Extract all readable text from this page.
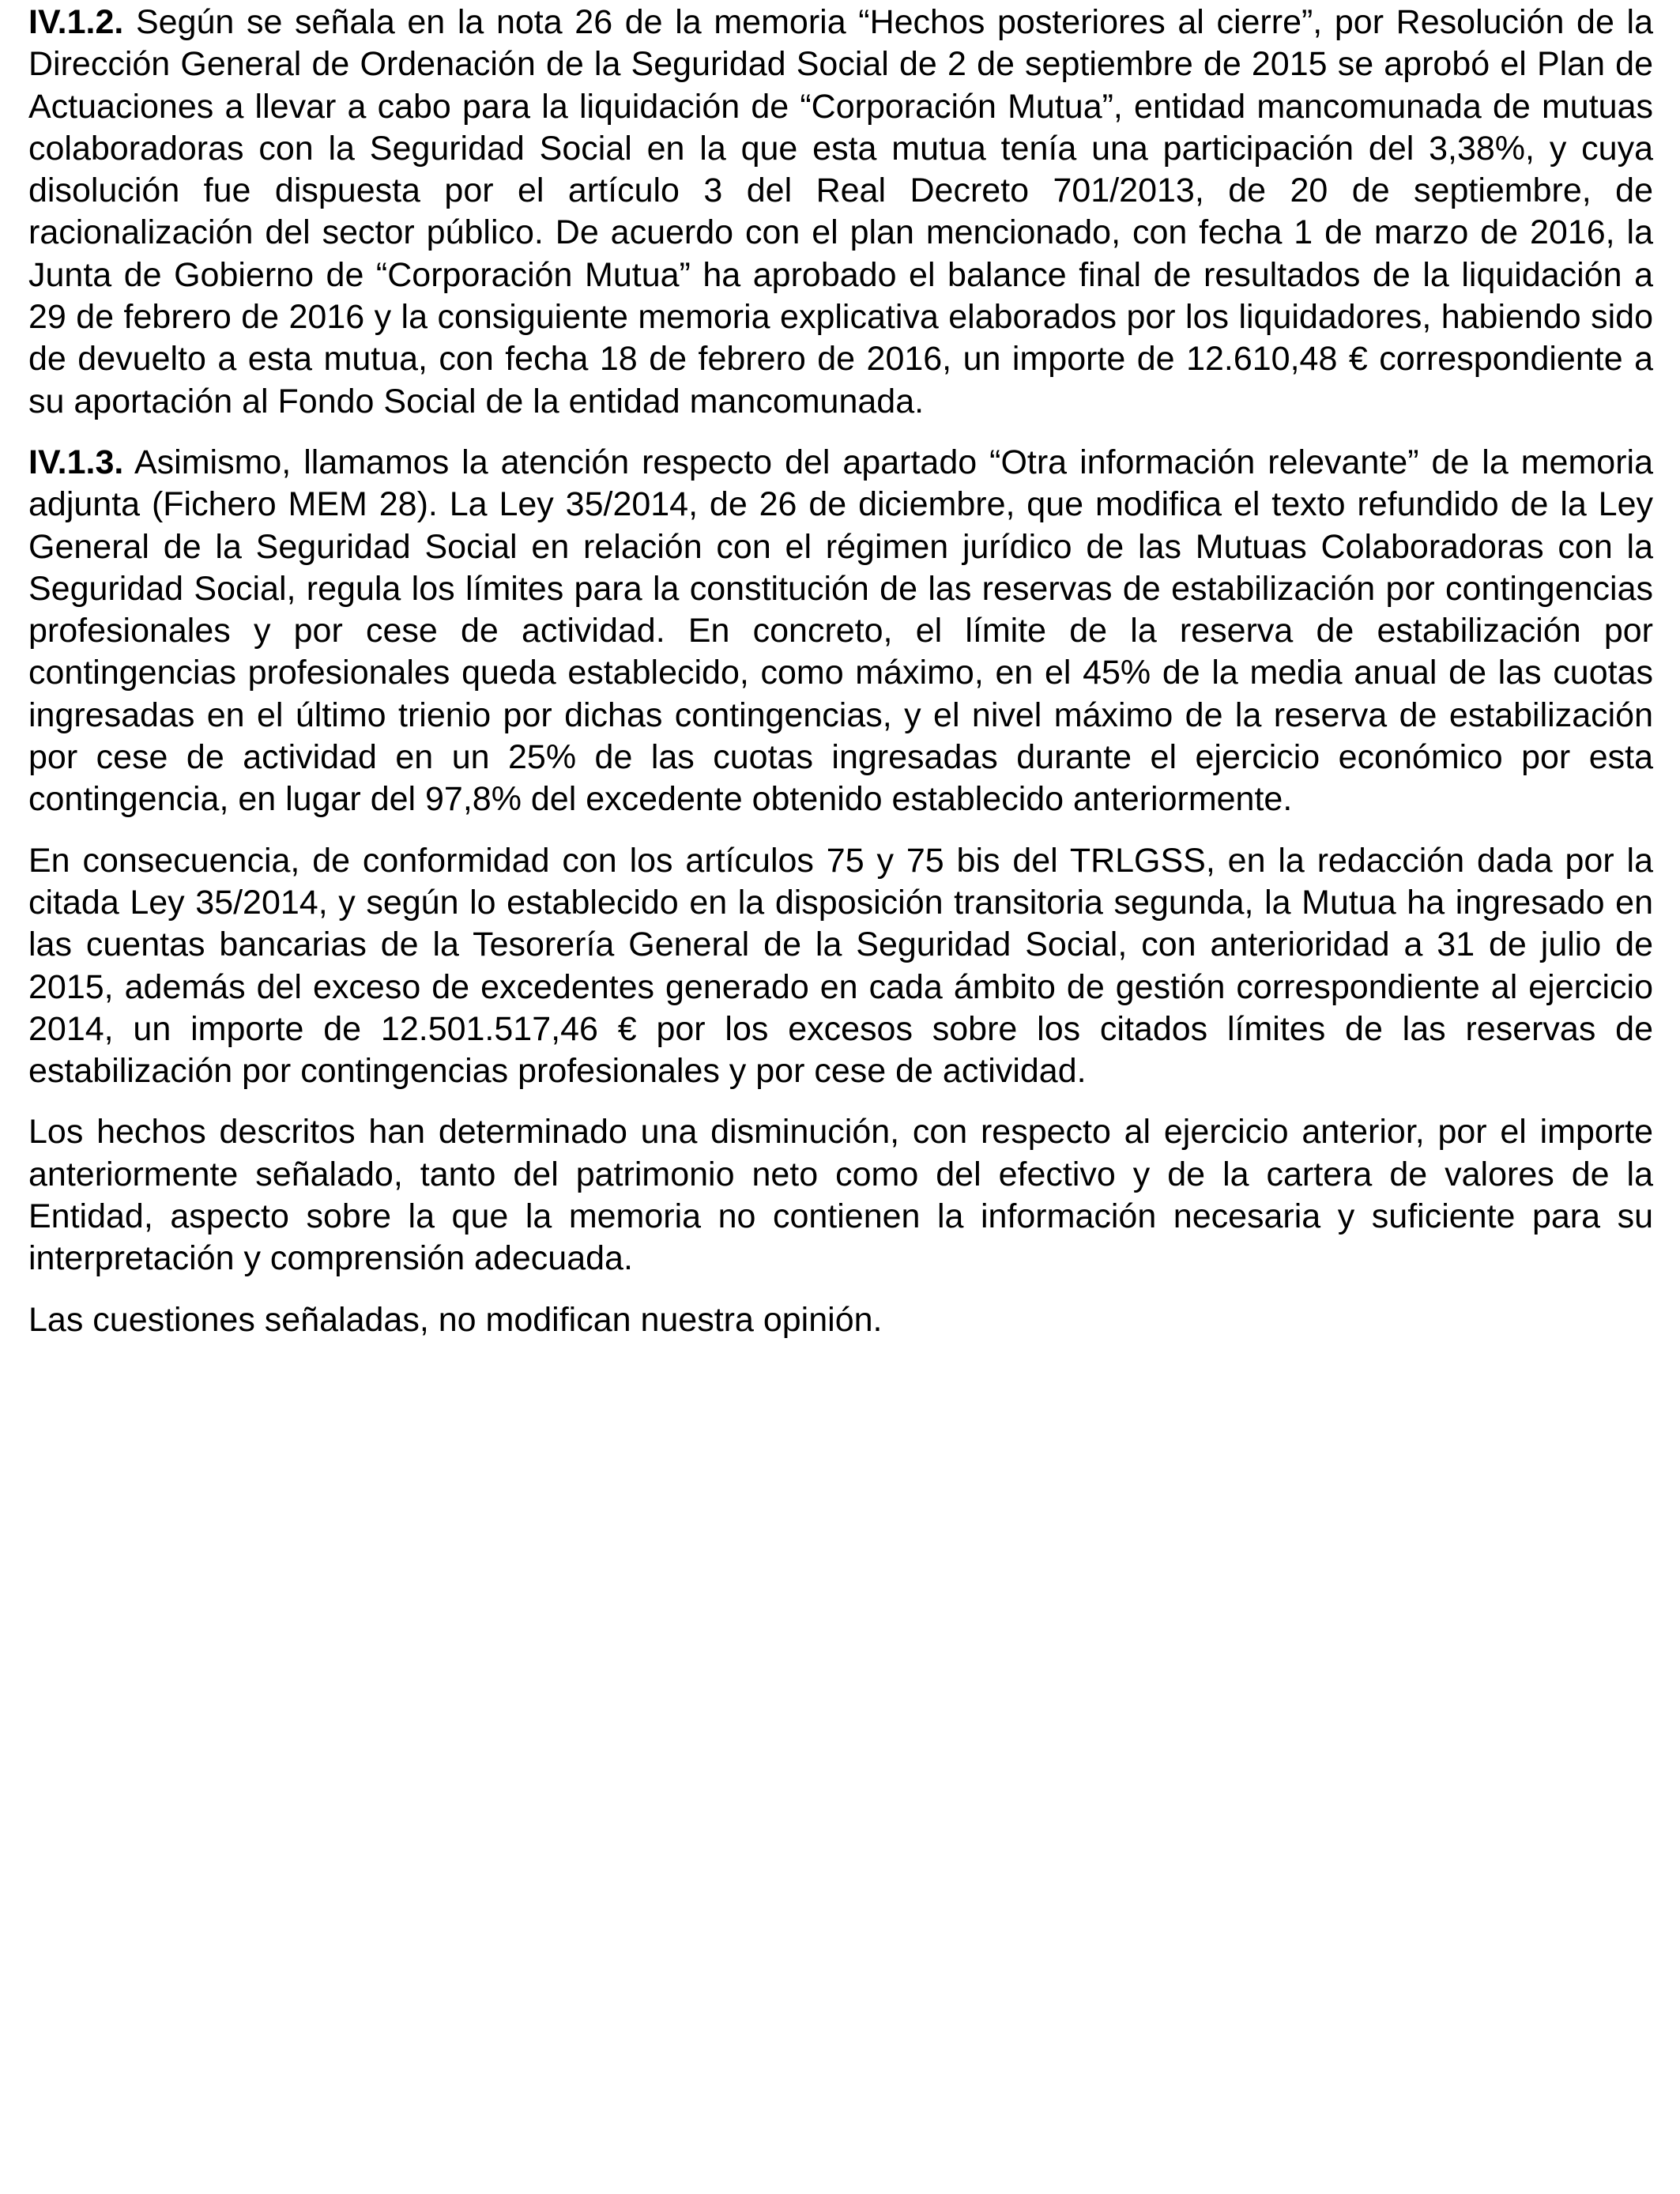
IV.1.2. Según se señala en la nota 26 de la memoria “Hechos posteriores al cierre”, por Resolución de la Dirección General de Ordenación de la Seguridad Social de 2 de septiembre de 2015 se aprobó el Plan de Actuaciones a llevar a cabo para la liquidación de “Corporación Mutua”, entidad mancomunada de mutuas colaboradoras con la Seguridad Social en la que esta mutua tenía una participación del 3,38%, y cuya disolución fue dispuesta por el artículo 3 del Real Decreto 701/2013, de 20 de septiembre, de racionalización del sector público. De acuerdo con el plan mencionado, con fecha 1 de marzo de 2016, la Junta de Gobierno de “Corporación Mutua” ha aprobado el balance final de resultados de la liquidación a 29 de febrero de 2016 y la consiguiente memoria explicativa elaborados por los liquidadores, habiendo sido de devuelto a esta mutua, con fecha 18 de febrero de 2016, un importe de 12.610,48 € correspondiente a su aportación al Fondo Social de la entidad mancomunada.

IV.1.3. Asimismo, llamamos la atención respecto del apartado “Otra información relevante” de la memoria adjunta (Fichero MEM 28). La Ley 35/2014, de 26 de diciembre, que modifica el texto refundido de la Ley General de la Seguridad Social en relación con el régimen jurídico de las Mutuas Colaboradoras con la Seguridad Social, regula los límites para la constitución de las reservas de estabilización por contingencias profesionales y por cese de actividad. En concreto, el límite de la reserva de estabilización por contingencias profesionales queda establecido, como máximo, en el 45% de la media anual de las cuotas ingresadas en el último trienio por dichas contingencias, y el nivel máximo de la reserva de estabilización por cese de actividad en un 25% de las cuotas ingresadas durante el ejercicio económico por esta contingencia, en lugar del 97,8% del excedente obtenido establecido anteriormente.

En consecuencia, de conformidad con los artículos 75 y 75 bis del TRLGSS, en la redacción dada por la citada Ley 35/2014, y según lo establecido en la disposición transitoria segunda, la Mutua ha ingresado en las cuentas bancarias de la Tesorería General de la Seguridad Social, con anterioridad a 31 de julio de 2015, además del exceso de excedentes generado en cada ámbito de gestión correspondiente al ejercicio 2014, un importe de 12.501.517,46 € por los excesos sobre los citados límites de las reservas de estabilización por contingencias profesionales y por cese de actividad.

Los hechos descritos han determinado una disminución, con respecto al ejercicio anterior, por el importe anteriormente señalado, tanto del patrimonio neto como del efectivo y de la cartera de valores de la Entidad, aspecto sobre la que la memoria no contienen la información necesaria y suficiente para su interpretación y comprensión adecuada.

Las cuestiones señaladas, no modifican nuestra opinión.
